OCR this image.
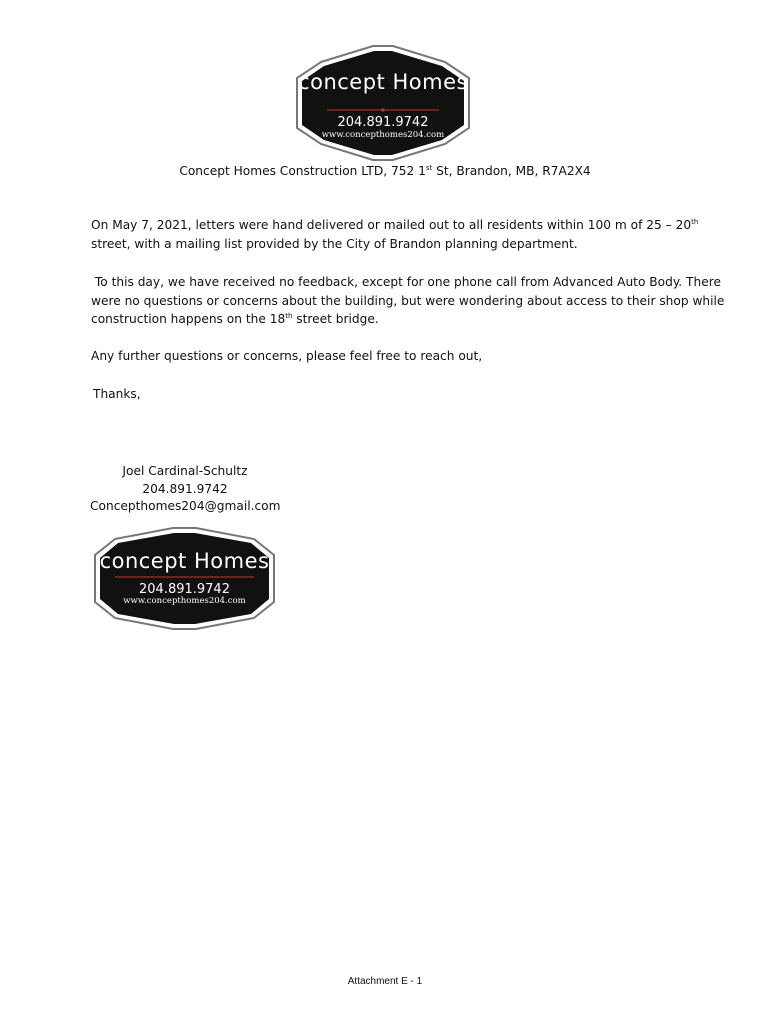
concept Homes
204.891.9742
www.concepthomes204.com
Concept Homes Construction LTD, 752 1st St, Brandon, MB, R7A2X4
On May 7, 2021, letters were hand delivered or mailed out to all residents within 100 m of 25 – 20th
street, with a mailing list provided by the City of Brandon planning department.
To this day, we have received no feedback, except for one phone call from Advanced Auto Body. There
were no questions or concerns about the building, but were wondering about access to their shop while
construction happens on the 18th street bridge.
Any further questions or concerns, please feel free to reach out,
Thanks,
Joel Cardinal-Schultz
204.891.9742
Concepthomes204@gmail.com
concept Homes
204.891.9742
www.concepthomes204.com
Attachment E - 1
